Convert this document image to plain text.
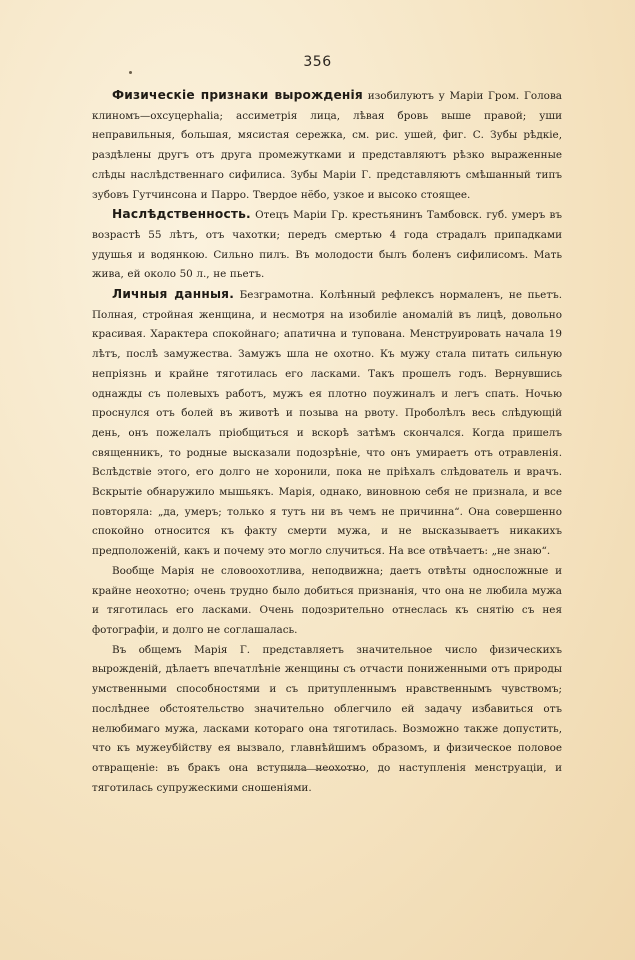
356

Физическіе признаки вырожденія изобилуютъ у Маріи Гром. Голова клиномъ—охсуцерhalia; ассиметрія лица, лѣвая бровь выше правой; уши неправильныя, большая, мясистая сережка, см. рис. ушей, фиг. С. Зубы рѣдкіе, раздѣлены другъ отъ друга промежутками и представляютъ рѣзко выраженные слѣды наслѣдственнаго сифилиса. Зубы Маріи Г. представляютъ смѣшанный типъ зубовъ Гутчинсона и Парро. Твердое нёбо, узкое и высоко стоящее.

Наслѣдственность. Отецъ Маріи Гр. крестьянинъ Тамбовск. губ. умеръ въ возрастѣ 55 лѣтъ, отъ чахотки; передъ смертью 4 года страдалъ припадками удушья и водянкою. Сильно пилъ. Въ молодости былъ боленъ сифилисомъ. Мать жива, ей около 50 л., не пьетъ.

Личныя данныя. Безграмотна. Колѣнный рефлексъ нормаленъ, не пьетъ. Полная, стройная женщина, и несмотря на изобиліе аномалій въ лицѣ, довольно красивая. Характера спокойнаго; апатична и тупована. Менструировать начала 19 лѣтъ, послѣ замужества. Замужъ шла не охотно. Къ мужу стала питать сильную непріязнь и крайне тяготилась его ласками. Такъ прошелъ годъ. Вернувшись однажды съ полевыхъ работъ, мужъ ея плотно поужиналъ и легъ спать. Ночью проснулся отъ болей въ животѣ и позыва на рвоту. Проболѣлъ весь слѣдующій день, онъ пожелалъ пріобщиться и вскорѣ затѣмъ скончался. Когда пришелъ священникъ, то родные высказали подозрѣніе, что онъ умираетъ отъ отравленія. Вслѣдствіе этого, его долго не хоронили, пока не пріѣхалъ слѣдователь и врачъ. Вскрытіе обнаружило мышьякъ. Марія, однако, виновною себя не признала, и все повторяла: „да, умеръ; только я тутъ ни въ чемъ не причинна“. Она совершенно спокойно относится къ факту смерти мужа, и не высказываетъ никакихъ предположеній, какъ и почему это могло случиться. На все отвѣчаетъ: „не знаю“.

Вообще Марія не словоохотлива, неподвижна; даетъ отвѣты односложные и крайне неохотно; очень трудно было добиться признанія, что она не любила мужа и тяготилась его ласками. Очень подозрительно отнеслась къ снятію съ нея фотографіи, и долго не соглашалась.

Въ общемъ Марія Г. представляетъ значительное число физическихъ вырожденій, дѣлаетъ впечатлѣніе женщины съ отчасти пониженными отъ природы умственными способностями и съ притупленнымъ нравственнымъ чувствомъ; послѣднее обстоятельство значительно облегчило ей задачу избавиться отъ нелюбимаго мужа, ласками котораго она тяготилась. Возможно также допустить, что къ мужеубійству ея вызвало, главнѣйшимъ образомъ, и физическое половое отвращеніе: въ бракъ она вступила неохотно, до наступленія менструаціи, и тяготилась супружескими сношеніями.
